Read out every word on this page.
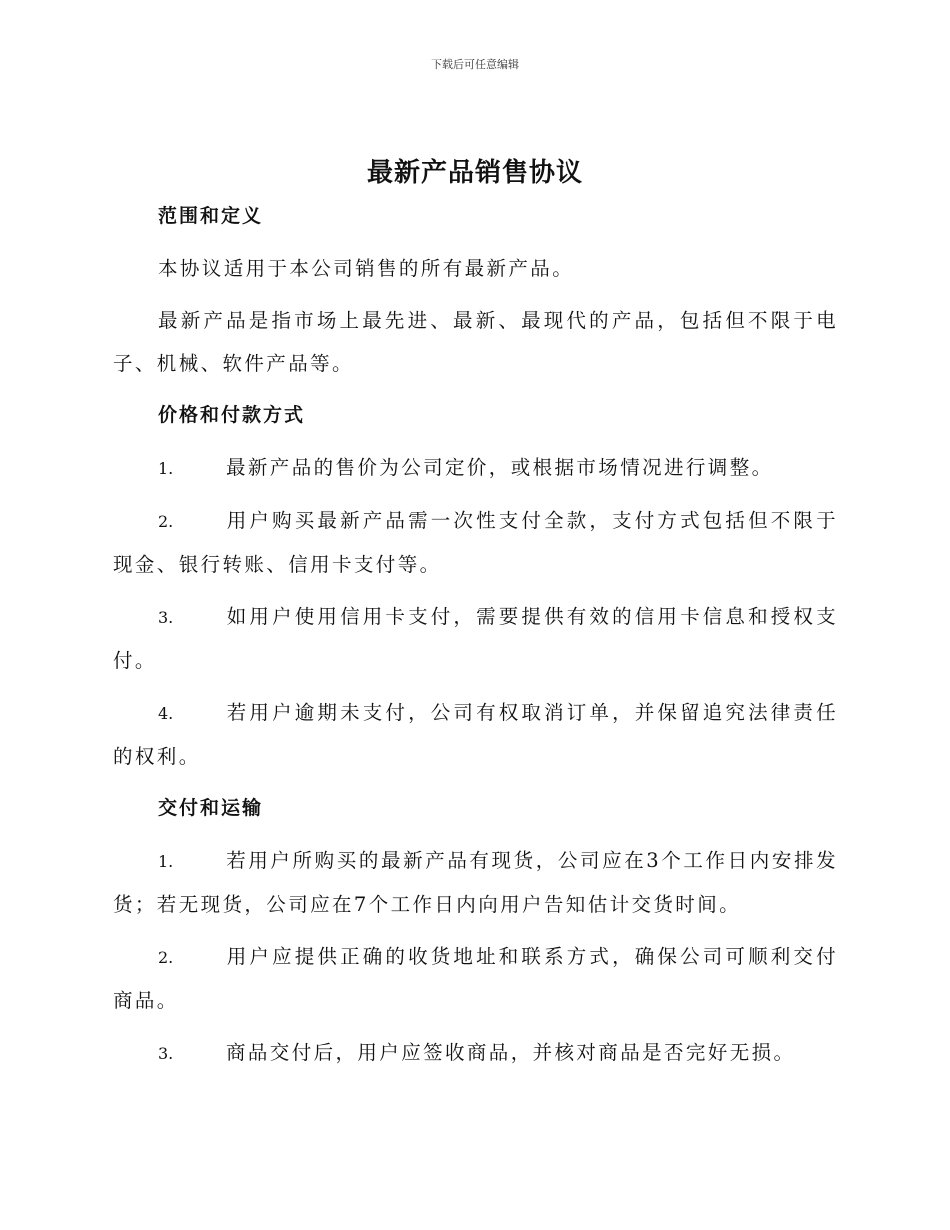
下载后可任意编辑
最新产品销售协议
范围和定义

本协议适用于本公司销售的所有最新产品。

最新产品是指市场上最先进、最新、最现代的产品，包括但不限于电子、机械、软件产品等。

价格和付款方式

1.	最新产品的售价为公司定价，或根据市场情况进行调整。

2.	用户购买最新产品需一次性支付全款，支付方式包括但不限于现金、银行转账、信用卡支付等。

3.	如用户使用信用卡支付，需要提供有效的信用卡信息和授权支付。

4.	若用户逾期未支付，公司有权取消订单，并保留追究法律责任的权利。

交付和运输

1.	若用户所购买的最新产品有现货，公司应在3个工作日内安排发货；若无现货，公司应在7个工作日内向用户告知估计交货时间。

2.	用户应提供正确的收货地址和联系方式，确保公司可顺利交付商品。

3.	商品交付后，用户应签收商品，并核对商品是否完好无损。
